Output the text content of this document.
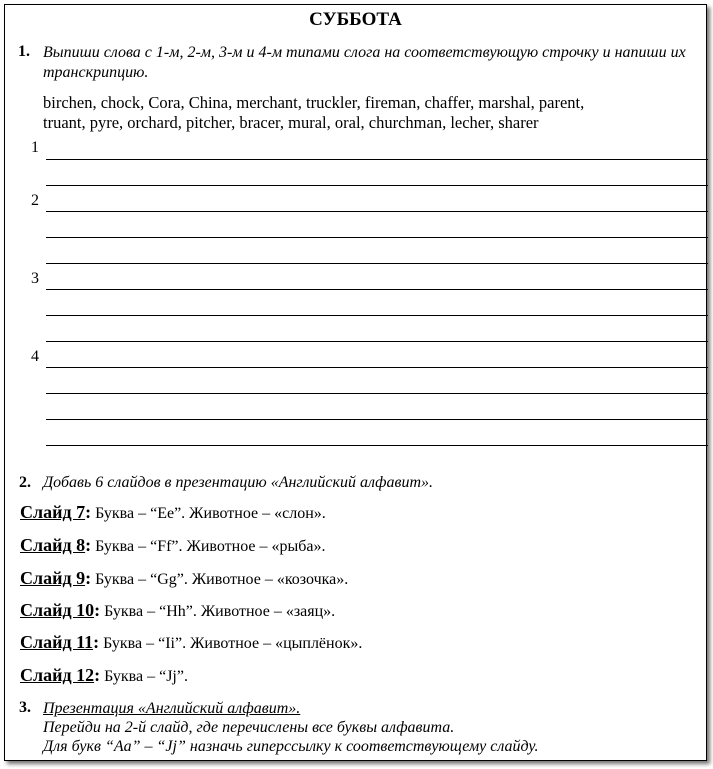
СУББОТА
1. Выпиши слова с 1-м, 2-м, 3-м и 4-м типами слога на соответствующую строчку и напиши их транскрипцию.
birchen, chock, Cora, China, merchant, truckler, fireman, chaffer, marshal, parent,
truant, pyre, orchard, pitcher, bracer, mural, oral, churchman, lecher, sharer
1
2
3
4
2. Добавь 6 слайдов в презентацию «Английский алфавит».
Слайд 7: Буква – “Ee”. Животное – «слон».
Слайд 8: Буква – “Ff”. Животное – «рыба».
Слайд 9: Буква – “Gg”. Животное – «козочка».
Слайд 10: Буква – “Hh”. Животное – «заяц».
Слайд 11: Буква – “Ii”. Животное – «цыплёнок».
Слайд 12: Буква – “Jj”.
3. Презентация «Английский алфавит».
Перейди на 2-й слайд, где перечислены все буквы алфавита.
Для букв “Aa” – “Jj” назначь гиперссылку к соответствующему слайду.
